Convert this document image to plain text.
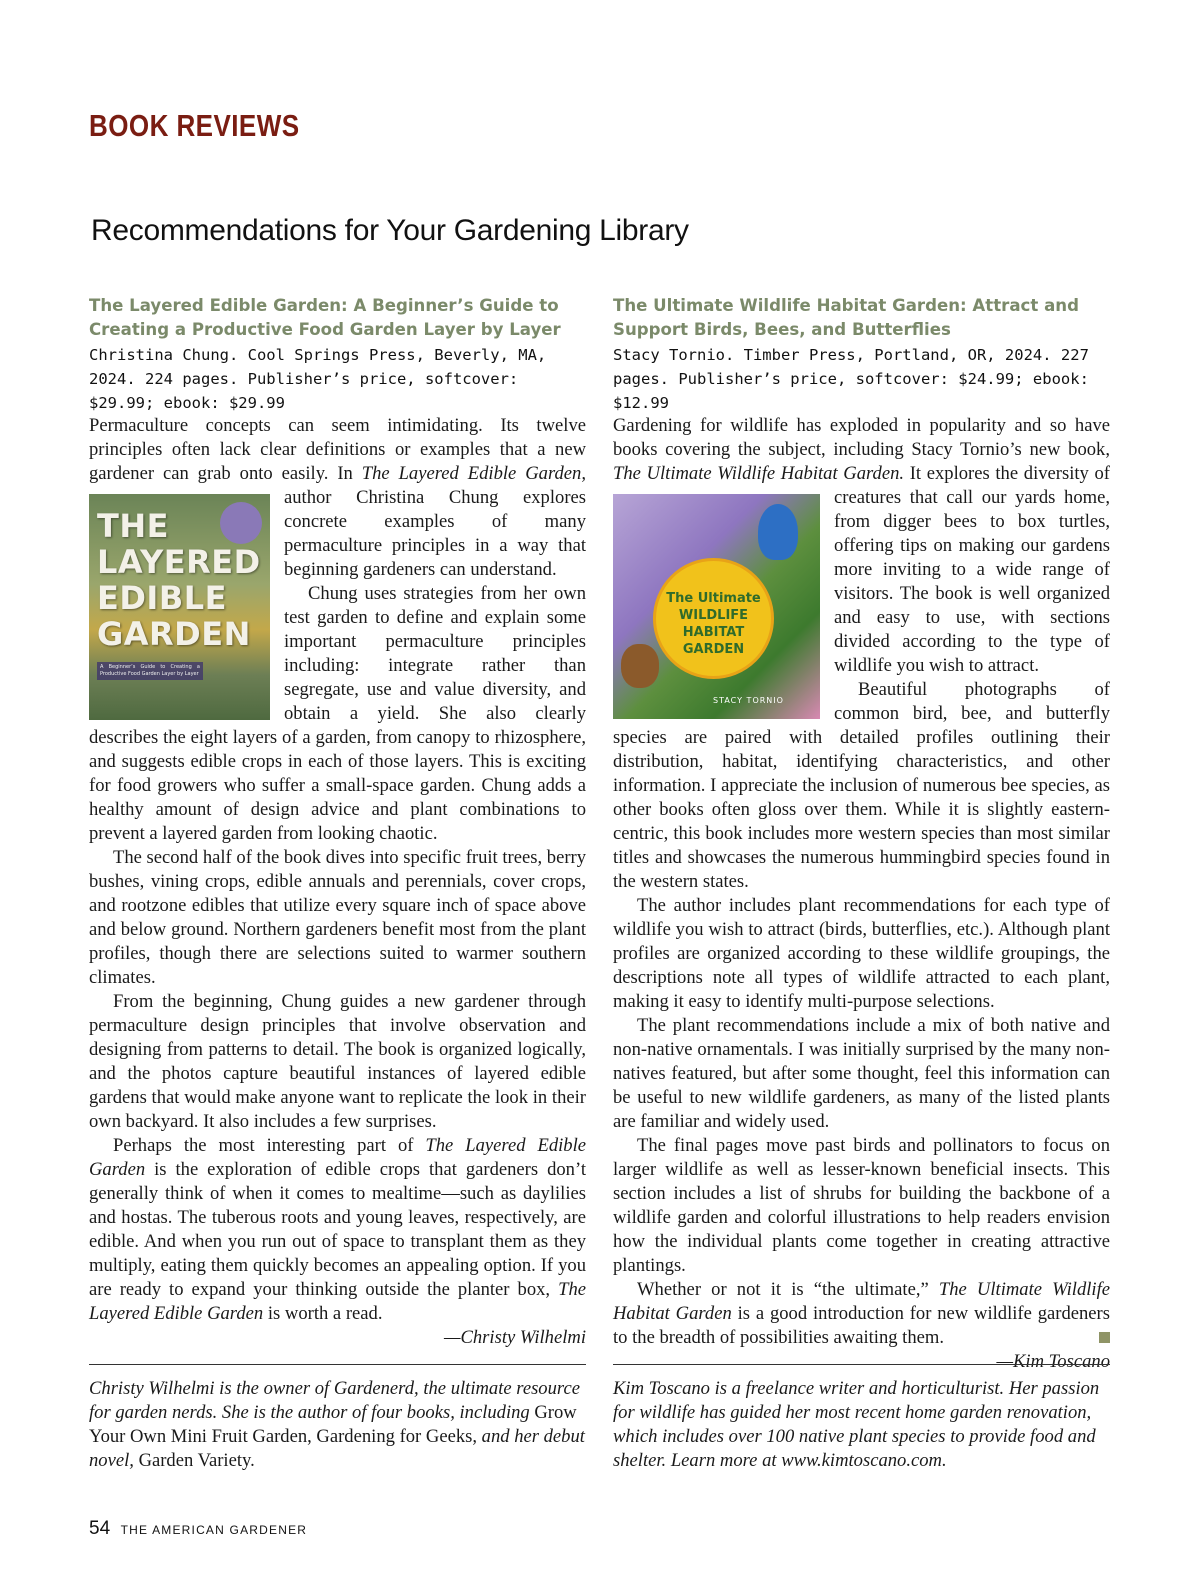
BOOK REVIEWS
Recommendations for Your Gardening Library
The Layered Edible Garden: A Beginner’s Guide to Creating a Productive Food Garden Layer by Layer
Christina Chung. Cool Springs Press, Beverly, MA, 2024. 224 pages. Publisher’s price, softcover: $29.99; ebook: $29.99

Permaculture concepts can seem intimidating. Its twelve principles often lack clear definitions or examples that a new gardener can grab onto easily. In The Layered Edible Garden,
THE LAYERED EDIBLE GARDEN
A Beginner’s Guide to Creating a Productive Food Garden Layer by Layer
author Christina Chung explores concrete examples of many permaculture principles in a way that beginning gardeners can understand.

Chung uses strategies from her own test garden to define and explain some important permaculture principles including: integrate rather than segregate, use and value diversity, and obtain a yield. She also clearly describes the eight layers of a garden, from canopy to rhizosphere, and suggests edible crops in each of those layers. This is exciting for food growers who suffer a small-space garden. Chung adds a healthy amount of design advice and plant combinations to prevent a layered garden from looking chaotic.

The second half of the book dives into specific fruit trees, berry bushes, vining crops, edible annuals and perennials, cover crops, and rootzone edibles that utilize every square inch of space above and below ground. Northern gardeners benefit most from the plant profiles, though there are selections suited to warmer southern climates.

From the beginning, Chung guides a new gardener through permaculture design principles that involve observation and designing from patterns to detail. The book is organized logically, and the photos capture beautiful instances of layered edible gardens that would make anyone want to replicate the look in their own backyard. It also includes a few surprises.

Perhaps the most interesting part of The Layered Edible Garden is the exploration of edible crops that gardeners don’t generally think of when it comes to mealtime—such as daylilies and hostas. The tuberous roots and young leaves, respectively, are edible. And when you run out of space to transplant them as they multiply, eating them quickly becomes an appealing option. If you are ready to expand your thinking outside the planter box, The Layered Edible Garden is worth a read.

—Christy Wilhelmi
Christy Wilhelmi is the owner of Gardenerd, the ultimate resource for garden nerds. She is the author of four books, including Grow Your Own Mini Fruit Garden, Gardening for Geeks, and her debut novel, Garden Variety.
The Ultimate Wildlife Habitat Garden: Attract and Support Birds, Bees, and Butterflies
Stacy Tornio. Timber Press, Portland, OR, 2024. 227 pages. Publisher’s price, softcover: $24.99; ebook: $12.99

Gardening for wildlife has exploded in popularity and so have books covering the subject, including Stacy Tornio’s new book, The Ultimate Wildlife Habitat Garden.
The Ultimate WILDLIFE HABITAT GARDEN
STACY TORNIO
It explores the diversity of creatures that call our yards home, from digger bees to box turtles, offering tips on making our gardens more inviting to a wide range of visitors. The book is well organized and easy to use, with sections divided according to the type of wildlife you wish to attract.

Beautiful photographs of common bird, bee, and butterfly species are paired with detailed profiles outlining their distribution, habitat, identifying characteristics, and other information. I appreciate the inclusion of numerous bee species, as other books often gloss over them. While it is slightly eastern-centric, this book includes more western species than most similar titles and showcases the numerous hummingbird species found in the western states.

The author includes plant recommendations for each type of wildlife you wish to attract (birds, butterflies, etc.). Although plant profiles are organized according to these wildlife groupings, the descriptions note all types of wildlife attracted to each plant, making it easy to identify multi-purpose selections.

The plant recommendations include a mix of both native and non-native ornamentals. I was initially surprised by the many non-natives featured, but after some thought, feel this information can be useful to new wildlife gardeners, as many of the listed plants are familiar and widely used.

The final pages move past birds and pollinators to focus on larger wildlife as well as lesser-known beneficial insects. This section includes a list of shrubs for building the backbone of a wildlife garden and colorful illustrations to help readers envision how the individual plants come together in creating attractive plantings.

Whether or not it is “the ultimate,” The Ultimate Wildlife Habitat Garden is a good introduction for new wildlife gardeners to the breadth of possibilities awaiting them.

—Kim Toscano
Kim Toscano is a freelance writer and horticulturist. Her passion for wildlife has guided her most recent home garden renovation, which includes over 100 native plant species to provide food and shelter. Learn more at www.kimtoscano.com.
54 THE AMERICAN GARDENER
